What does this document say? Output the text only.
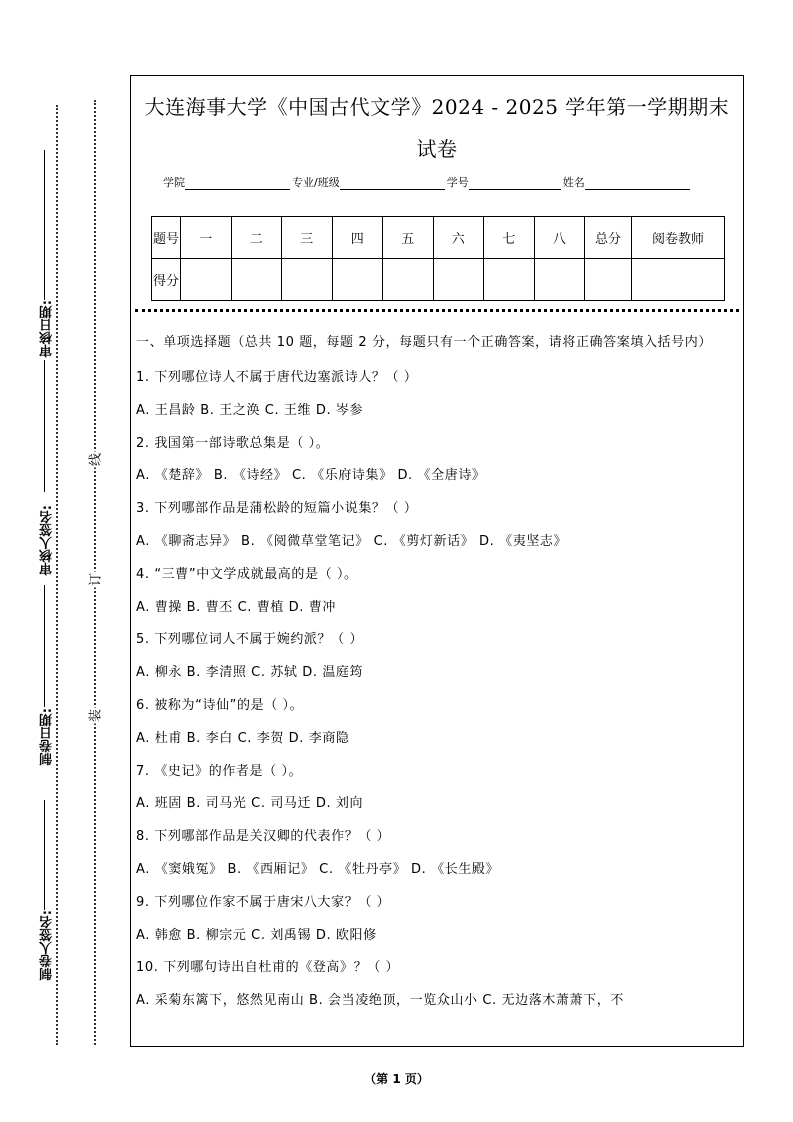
审核日期:
审核人签名:
制卷日期:
制卷人签名:
线
订
装
大连海事大学《中国古代文学》2024 - 2025 学年第一学期期末试卷
学院	专业/班级	学号	姓名
题号	一	二	三	四	五	六	七	八	总分	阅卷教师
得分										
一、单项选择题（总共 10 题，每题 2 分，每题只有一个正确答案，请将正确答案填入括号内）
1. 下列哪位诗人不属于唐代边塞派诗人？（ ）
A. 王昌龄 B. 王之涣 C. 王维 D. 岑参
2. 我国第一部诗歌总集是（ ）。
A. 《楚辞》 B. 《诗经》 C. 《乐府诗集》 D. 《全唐诗》
3. 下列哪部作品是蒲松龄的短篇小说集？（ ）
A. 《聊斋志异》 B. 《阅微草堂笔记》 C. 《剪灯新话》 D. 《夷坚志》
4. “三曹”中文学成就最高的是（ ）。
A. 曹操 B. 曹丕 C. 曹植 D. 曹冲
5. 下列哪位词人不属于婉约派？（ ）
A. 柳永 B. 李清照 C. 苏轼 D. 温庭筠
6. 被称为“诗仙”的是（ ）。
A. 杜甫 B. 李白 C. 李贺 D. 李商隐
7. 《史记》的作者是（ ）。
A. 班固 B. 司马光 C. 司马迁 D. 刘向
8. 下列哪部作品是关汉卿的代表作？（ ）
A. 《窦娥冤》 B. 《西厢记》 C. 《牡丹亭》 D. 《长生殿》
9. 下列哪位作家不属于唐宋八大家？（ ）
A. 韩愈 B. 柳宗元 C. 刘禹锡 D. 欧阳修
10. 下列哪句诗出自杜甫的《登高》？（ ）
A. 采菊东篱下，悠然见南山 B. 会当凌绝顶，一览众山小 C. 无边落木萧萧下，不
（第 1 页）
